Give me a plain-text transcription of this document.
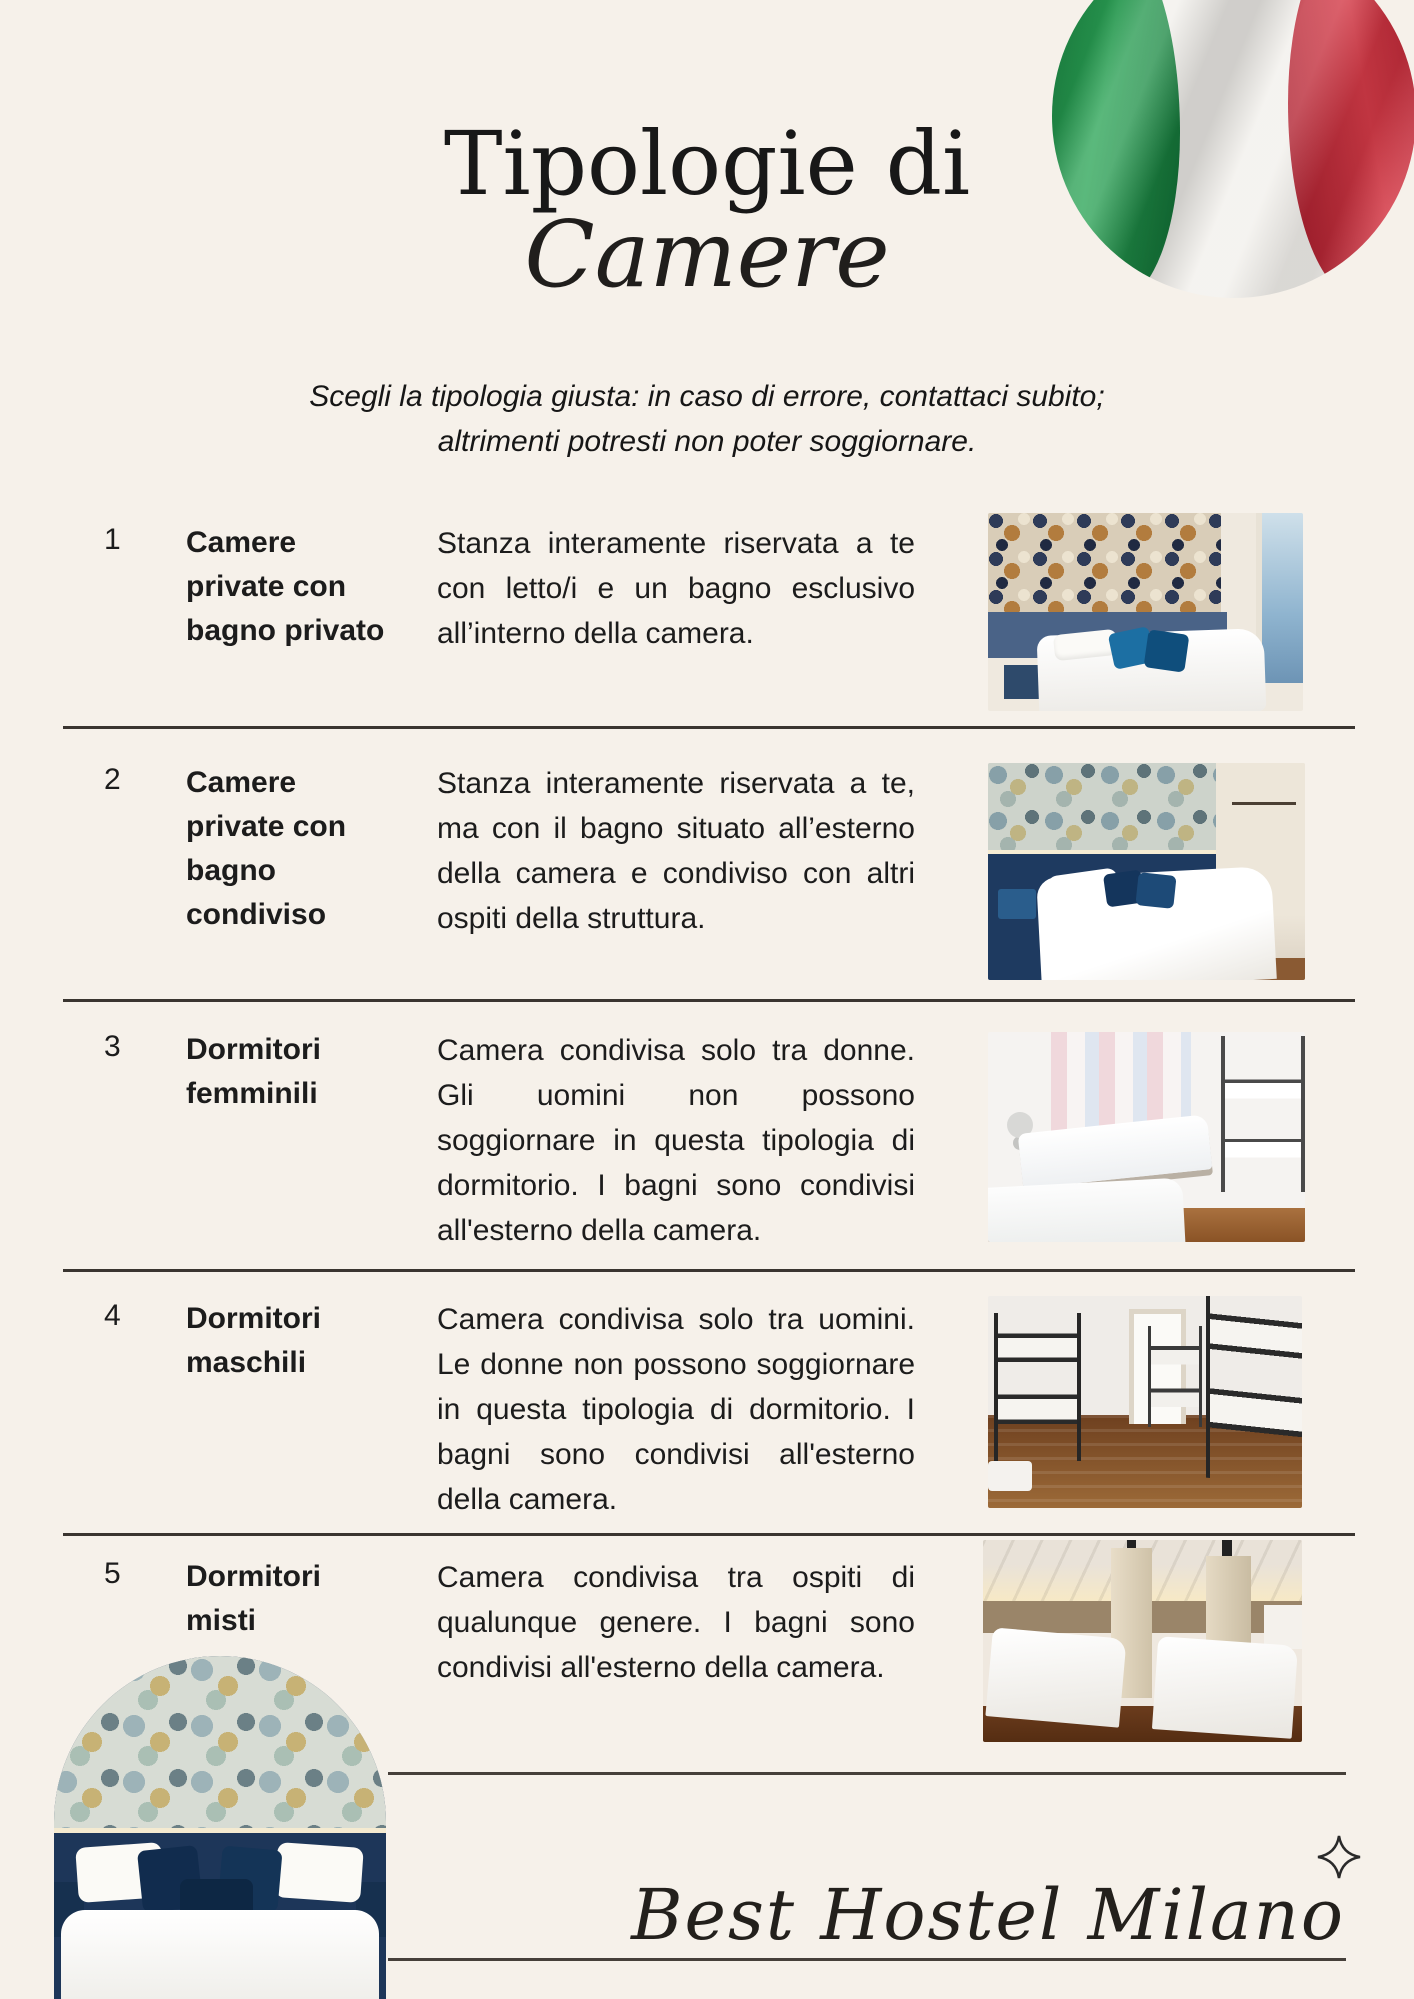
Tipologie di
Camere
Scegli la tipologia giusta: in caso di errore, contattaci subito;
altrimenti potresti non poter soggiornare.
1 Camere
private con
bagno privato
Stanza interamente riservata a te con letto/i e un bagno esclusivo all’interno della camera.
2 Camere
private con
bagno
condiviso
Stanza interamente riservata a te, ma con il bagno situato all’esterno della camera e condiviso con altri ospiti della struttura.
3 Dormitori
femminili
Camera condivisa solo tra donne. Gli uomini non possono soggiornare in questa tipologia di dormitorio. I bagni sono condivisi all'esterno della camera.
4 Dormitori
maschili
Camera condivisa solo tra uomini. Le donne non possono soggiornare in questa tipologia di dormitorio. I bagni sono condivisi all'esterno della camera.
5 Dormitori
misti
Camera condivisa tra ospiti di qualunque genere. I bagni sono condivisi all'esterno della camera.
Best Hostel Milano
